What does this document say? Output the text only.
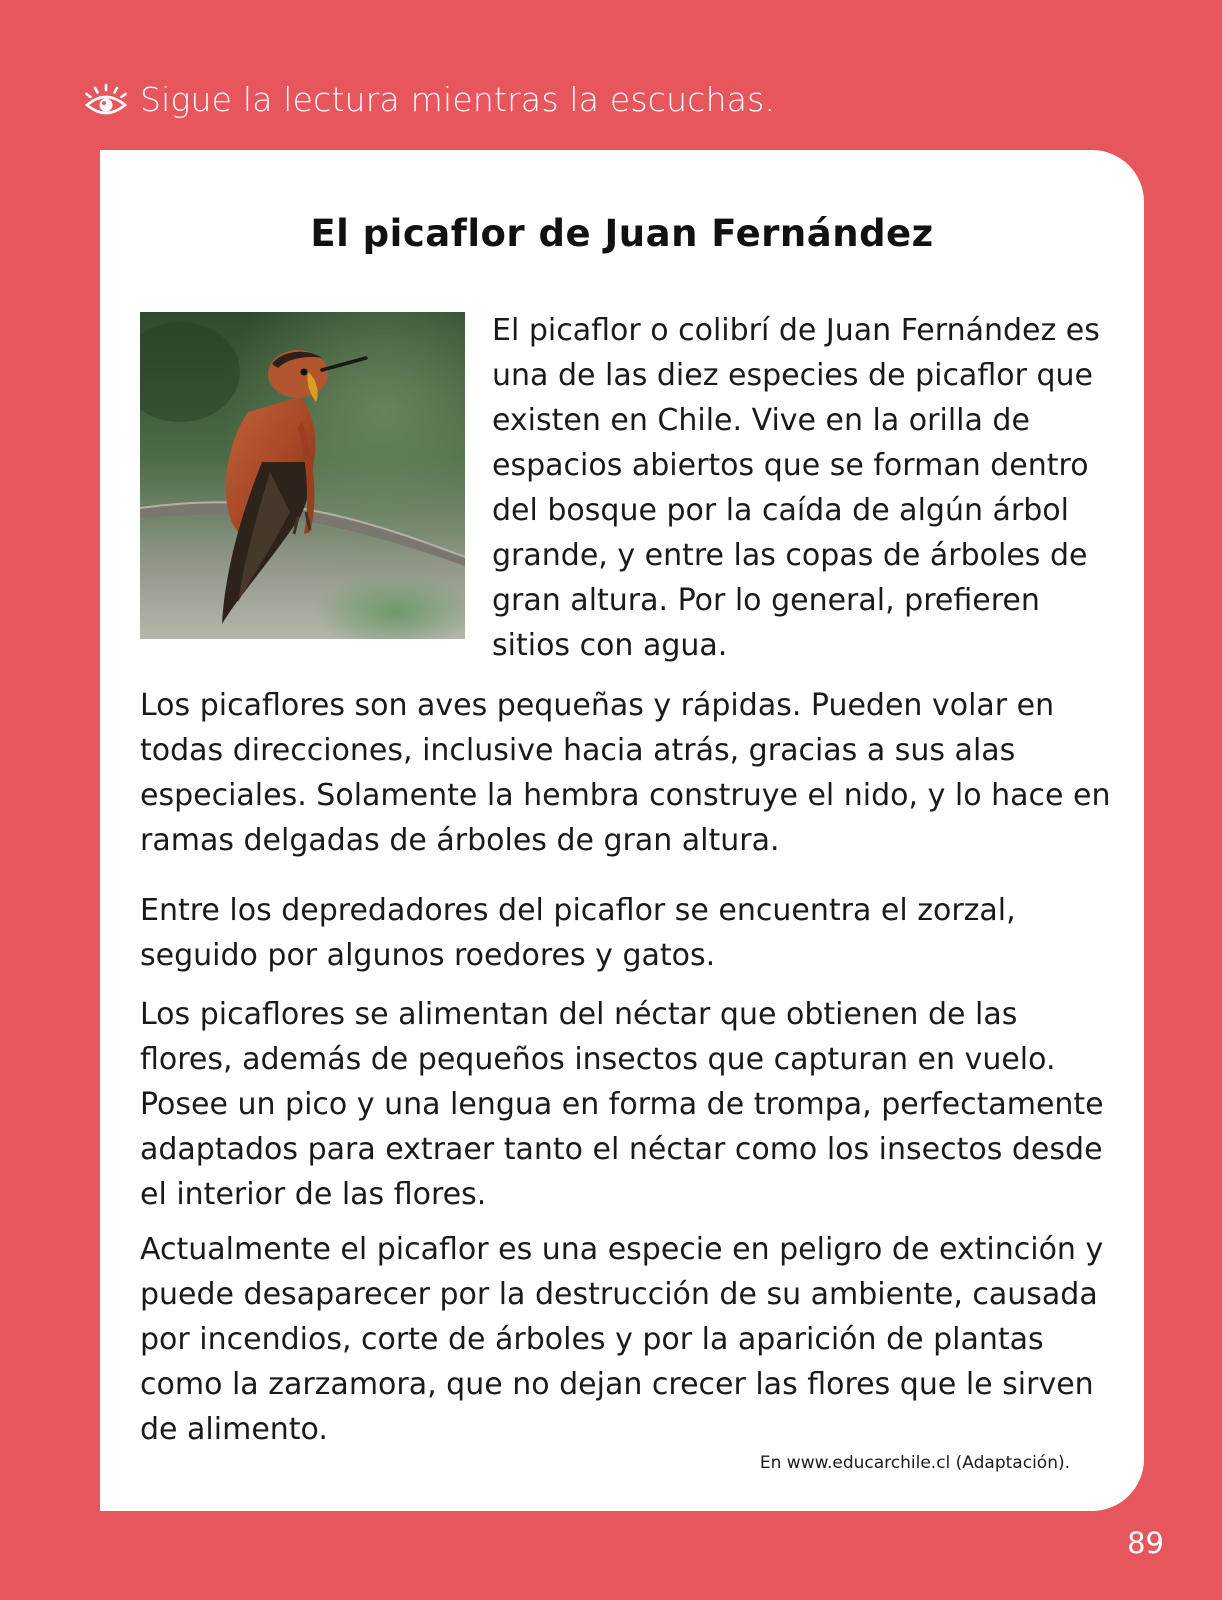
Sigue la lectura mientras la escuchas.
El picaflor de Juan Fernández
El picaflor o colibrí de Juan Fernández es una de las diez especies de picaflor que existen en Chile. Vive en la orilla de espacios abiertos que se forman dentro del bosque por la caída de algún árbol grande, y entre las copas de árboles de gran altura. Por lo general, prefieren sitios con agua.

Los picaflores son aves pequeñas y rápidas. Pueden volar en todas direcciones, inclusive hacia atrás, gracias a sus alas especiales. Solamente la hembra construye el nido, y lo hace en ramas delgadas de árboles de gran altura.

Entre los depredadores del picaflor se encuentra el zorzal, seguido por algunos roedores y gatos.

Los picaflores se alimentan del néctar que obtienen de las flores, además de pequeños insectos que capturan en vuelo. Posee un pico y una lengua en forma de trompa, perfectamente adaptados para extraer tanto el néctar como los insectos desde el interior de las flores.

Actualmente el picaflor es una especie en peligro de extinción y puede desaparecer por la destrucción de su ambiente, causada por incendios, corte de árboles y por la aparición de plantas como la zarzamora, que no dejan crecer las flores que le sirven de alimento.

En www.educarchile.cl (Adaptación).
89
